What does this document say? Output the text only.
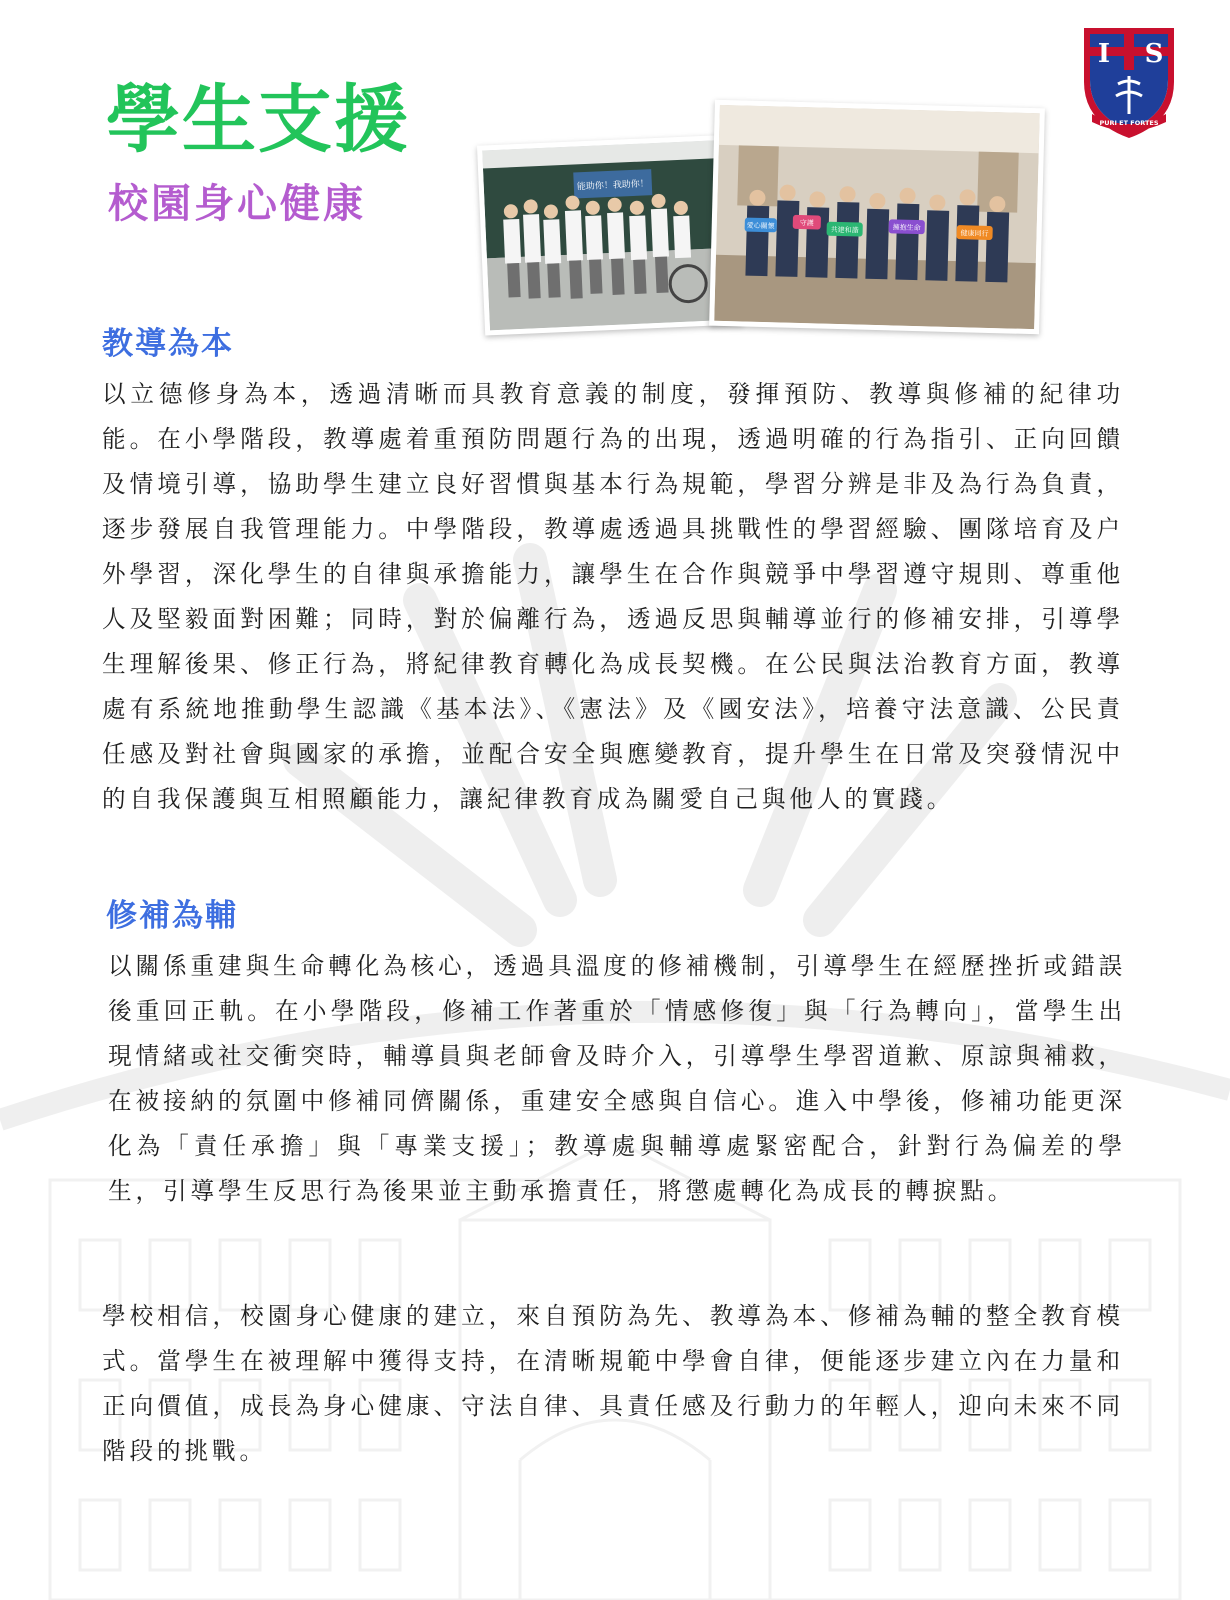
學生支援
校園身心健康
I S
PURI ET FORTES
能助你！我助你！
愛心關懷	守護
共建和諧	擁抱生命
健康同行
教導為本

以立德修身為本，透過清晰而具教育意義的制度，發揮預防、教導與修補的紀律功能。在小學階段，教導處着重預防問題行為的出現，透過明確的行為指引、正向回饋及情境引導，協助學生建立良好習慣與基本行為規範，學習分辨是非及為行為負責，逐步發展自我管理能力。中學階段，教導處透過具挑戰性的學習經驗、團隊培育及户外學習，深化學生的自律與承擔能力，讓學生在合作與競爭中學習遵守規則、尊重他人及堅毅面對困難；同時，對於偏離行為，透過反思與輔導並行的修補安排，引導學生理解後果、修正行為，將紀律教育轉化為成長契機。在公民與法治教育方面，教導處有系統地推動學生認識《基本法》、《憲法》及《國安法》，培養守法意識、公民責任感及對社會與國家的承擔，並配合安全與應變教育，提升學生在日常及突發情況中的自我保護與互相照顧能力，讓紀律教育成為關愛自己與他人的實踐。

修補為輔

以關係重建與生命轉化為核心，透過具溫度的修補機制，引導學生在經歷挫折或錯誤後重回正軌。在小學階段，修補工作著重於「情感修復」與「行為轉向」，當學生出現情緒或社交衝突時，輔導員與老師會及時介入，引導學生學習道歉、原諒與補救，在被接納的氛圍中修補同儕關係，重建安全感與自信心。進入中學後，修補功能更深化為「責任承擔」與「專業支援」；教導處與輔導處緊密配合，針對行為偏差的學生，引導學生反思行為後果並主動承擔責任，將懲處轉化為成長的轉捩點。

學校相信，校園身心健康的建立，來自預防為先、教導為本、修補為輔的整全教育模式。當學生在被理解中獲得支持，在清晰規範中學會自律，便能逐步建立內在力量和正向價值，成長為身心健康、守法自律、具責任感及行動力的年輕人，迎向未來不同階段的挑戰。
